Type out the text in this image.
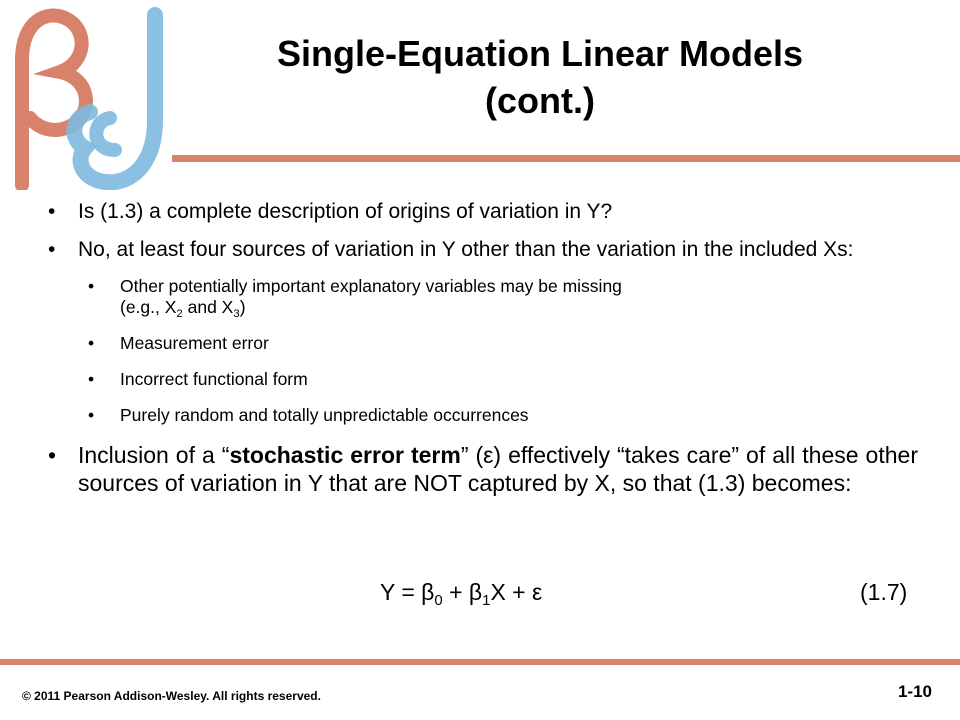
Single-Equation Linear Models
(cont.)
• Is (1.3) a complete description of origins of variation in Y?
• No, at least four sources of variation in Y other than the variation in the included Xs:
• Other potentially important explanatory variables may be missing
(e.g., $X_2$ and $X_3$)
• Measurement error
• Incorrect functional form
• Purely random and totally unpredictable occurrences
• Inclusion of a “stochastic error term” (ε) effectively “takes care” of all these other sources of variation in Y that are NOT captured by X, so that (1.3) becomes:
$Y = \beta_0 + \beta_1X + \varepsilon$	(1.7)
© 2011 Pearson Addison-Wesley. All rights reserved.	1-10
